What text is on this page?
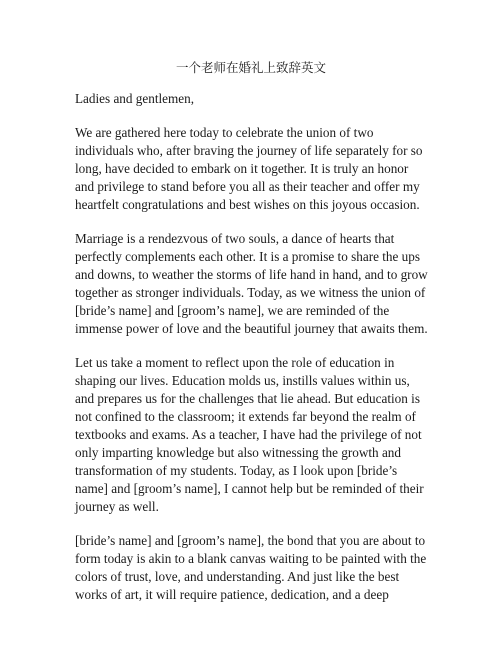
一个老师在婚礼上致辞英文

Ladies and gentlemen,

We are gathered here today to celebrate the union of two

individuals who, after braving the journey of life separately for so

long, have decided to embark on it together. It is truly an honor

and privilege to stand before you all as their teacher and offer my

heartfelt congratulations and best wishes on this joyous occasion.

Marriage is a rendezvous of two souls, a dance of hearts that

perfectly complements each other. It is a promise to share the ups

and downs, to weather the storms of life hand in hand, and to grow

together as stronger individuals. Today, as we witness the union of

[bride’s name] and [groom’s name], we are reminded of the

immense power of love and the beautiful journey that awaits them.

Let us take a moment to reflect upon the role of education in

shaping our lives. Education molds us, instills values within us,

and prepares us for the challenges that lie ahead. But education is

not confined to the classroom; it extends far beyond the realm of

textbooks and exams. As a teacher, I have had the privilege of not

only imparting knowledge but also witnessing the growth and

transformation of my students. Today, as I look upon [bride’s

name] and [groom’s name], I cannot help but be reminded of their

journey as well.

[bride’s name] and [groom’s name], the bond that you are about to

form today is akin to a blank canvas waiting to be painted with the

colors of trust, love, and understanding. And just like the best

works of art, it will require patience, dedication, and a deep
